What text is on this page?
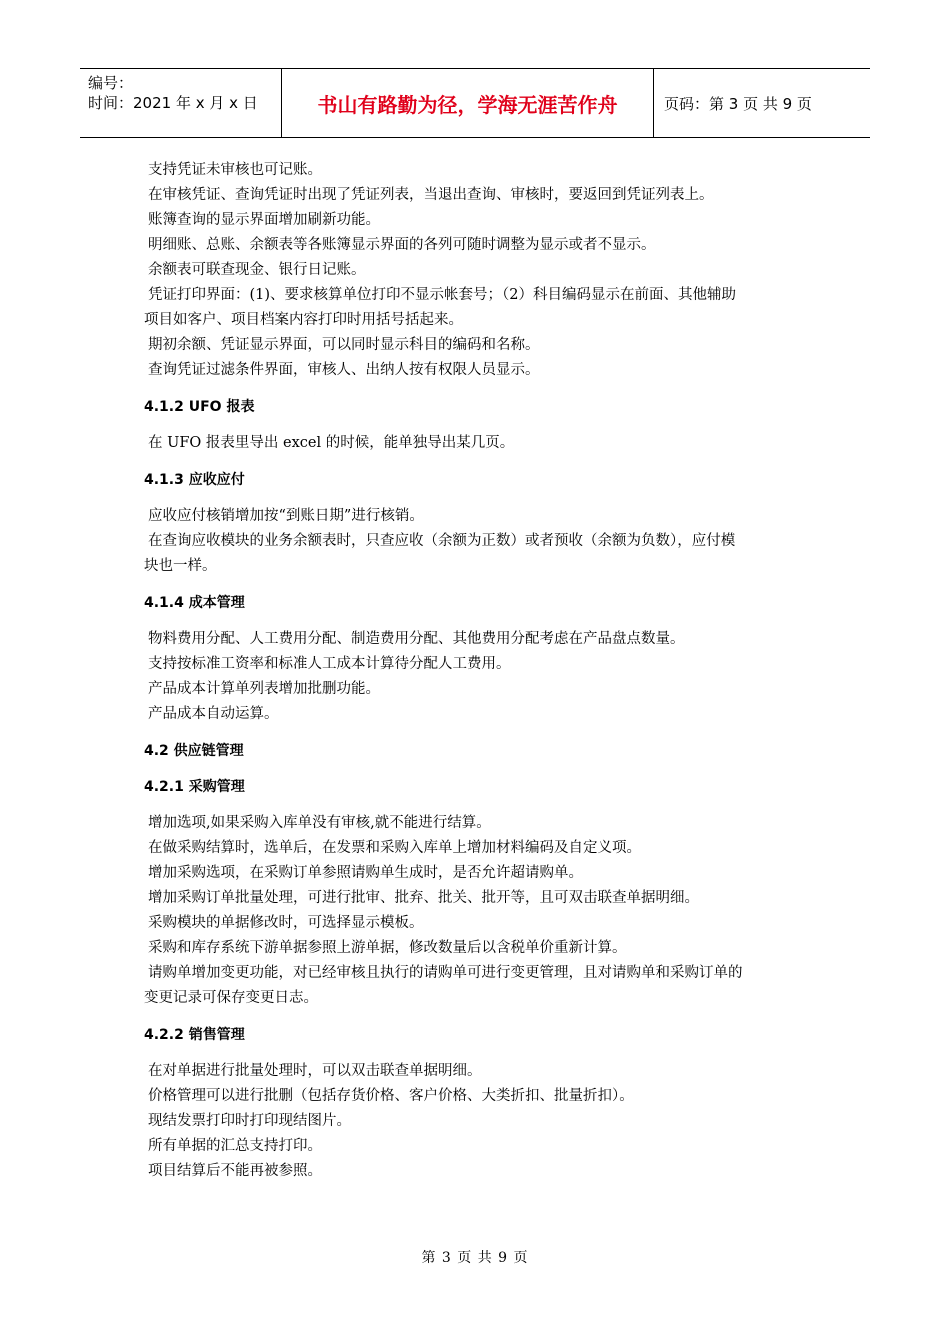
编号：
时间：2021 年 x 月 x 日	书山有路勤为径，学海无涯苦作舟	页码：第 3 页 共 9 页
支持凭证未审核也可记账。
在审核凭证、查询凭证时出现了凭证列表，当退出查询、审核时，要返回到凭证列表上。
账簿查询的显示界面增加刷新功能。
明细账、总账、余额表等各账簿显示界面的各列可随时调整为显示或者不显示。
余额表可联查现金、银行日记账。
凭证打印界面：(1)、要求核算单位打印不显示帐套号；（2）科目编码显示在前面、其他辅助
项目如客户、项目档案内容打印时用括号括起来。
期初余额、凭证显示界面，可以同时显示科目的编码和名称。
查询凭证过滤条件界面，审核人、出纳人按有权限人员显示。
4.1.2 UFO 报表
在 UFO 报表里导出 excel 的时候，能单独导出某几页。
4.1.3 应收应付
应收应付核销增加按“到账日期”进行核销。
在查询应收模块的业务余额表时，只查应收（余额为正数）或者预收（余额为负数），应付模
块也一样。
4.1.4 成本管理
物料费用分配、人工费用分配、制造费用分配、其他费用分配考虑在产品盘点数量。
支持按标准工资率和标准人工成本计算待分配人工费用。
产品成本计算单列表增加批删功能。
产品成本自动运算。
4.2 供应链管理
4.2.1 采购管理
增加选项,如果采购入库单没有审核,就不能进行结算。
在做采购结算时，选单后，在发票和采购入库单上增加材料编码及自定义项。
增加采购选项，在采购订单参照请购单生成时，是否允许超请购单。
增加采购订单批量处理，可进行批审、批弃、批关、批开等，且可双击联查单据明细。
采购模块的单据修改时，可选择显示模板。
采购和库存系统下游单据参照上游单据，修改数量后以含税单价重新计算。
请购单增加变更功能，对已经审核且执行的请购单可进行变更管理，且对请购单和采购订单的
变更记录可保存变更日志。
4.2.2 销售管理
在对单据进行批量处理时，可以双击联查单据明细。
价格管理可以进行批删（包括存货价格、客户价格、大类折扣、批量折扣）。
现结发票打印时打印现结图片。
所有单据的汇总支持打印。
项目结算后不能再被参照。
第 3 页 共 9 页
